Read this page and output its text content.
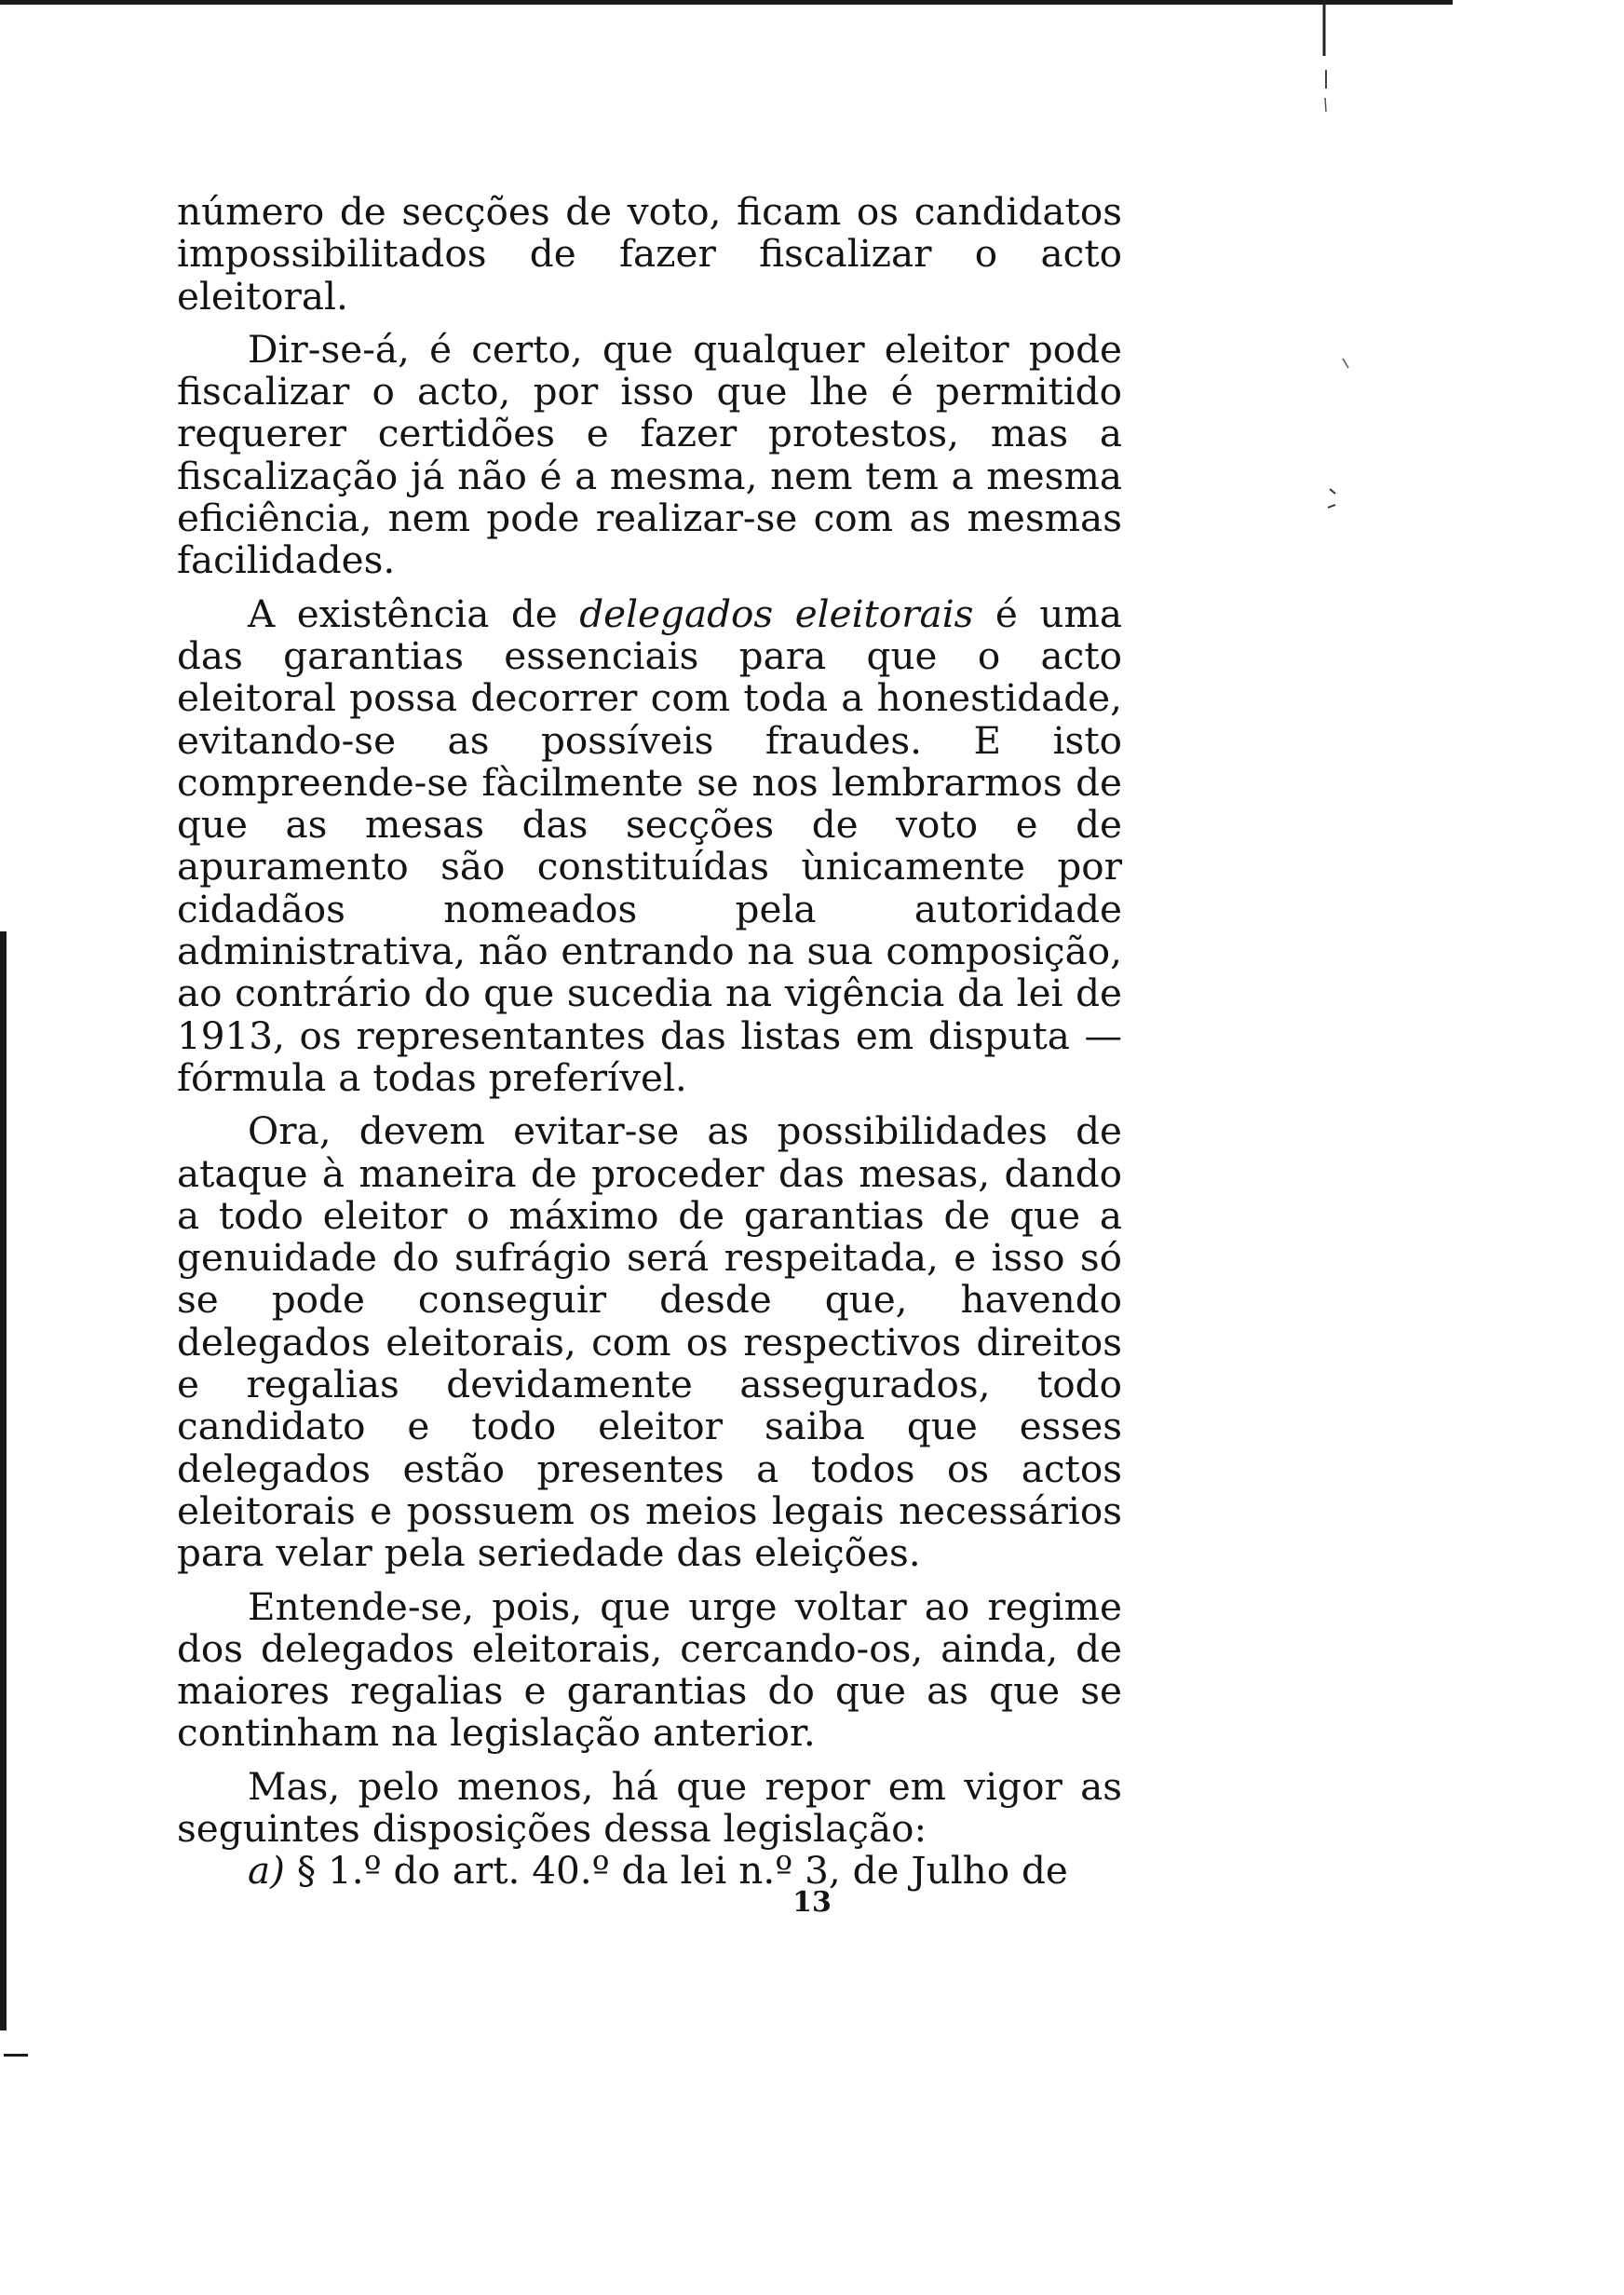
número de secções de voto, ficam os candidatos impossibilitados de fazer fiscalizar o acto eleitoral.

Dir-se-á, é certo, que qualquer eleitor pode fiscalizar o acto, por isso que lhe é permitido requerer certidões e fazer protestos, mas a fiscalização já não é a mesma, nem tem a mesma eficiência, nem pode realizar-se com as mesmas facilidades.

A existência de delegados eleitorais é uma das garantias essenciais para que o acto eleitoral possa decorrer com toda a honestidade, evitando-se as possíveis fraudes. E isto compreende-se fàcilmente se nos lembrarmos de que as mesas das secções de voto e de apuramento são constituídas ùnicamente por cidadãos nomeados pela autoridade administrativa, não entrando na sua composição, ao contrário do que sucedia na vigência da lei de 1913, os representantes das listas em disputa — fórmula a todas preferível.

Ora, devem evitar-se as possibilidades de ataque à maneira de proceder das mesas, dando a todo eleitor o máximo de garantias de que a genuidade do sufrágio será respeitada, e isso só se pode conseguir desde que, havendo delegados eleitorais, com os respectivos direitos e regalias devidamente assegurados, todo candidato e todo eleitor saiba que esses delegados estão presentes a todos os actos eleitorais e possuem os meios legais necessários para velar pela seriedade das eleições.

Entende-se, pois, que urge voltar ao regime dos delegados eleitorais, cercando-os, ainda, de maiores regalias e garantias do que as que se continham na legislação anterior.

Mas, pelo menos, há que repor em vigor as seguintes disposições dessa legislação:

a) § 1.º do art. 40.º da lei n.º 3, de Julho de

13
